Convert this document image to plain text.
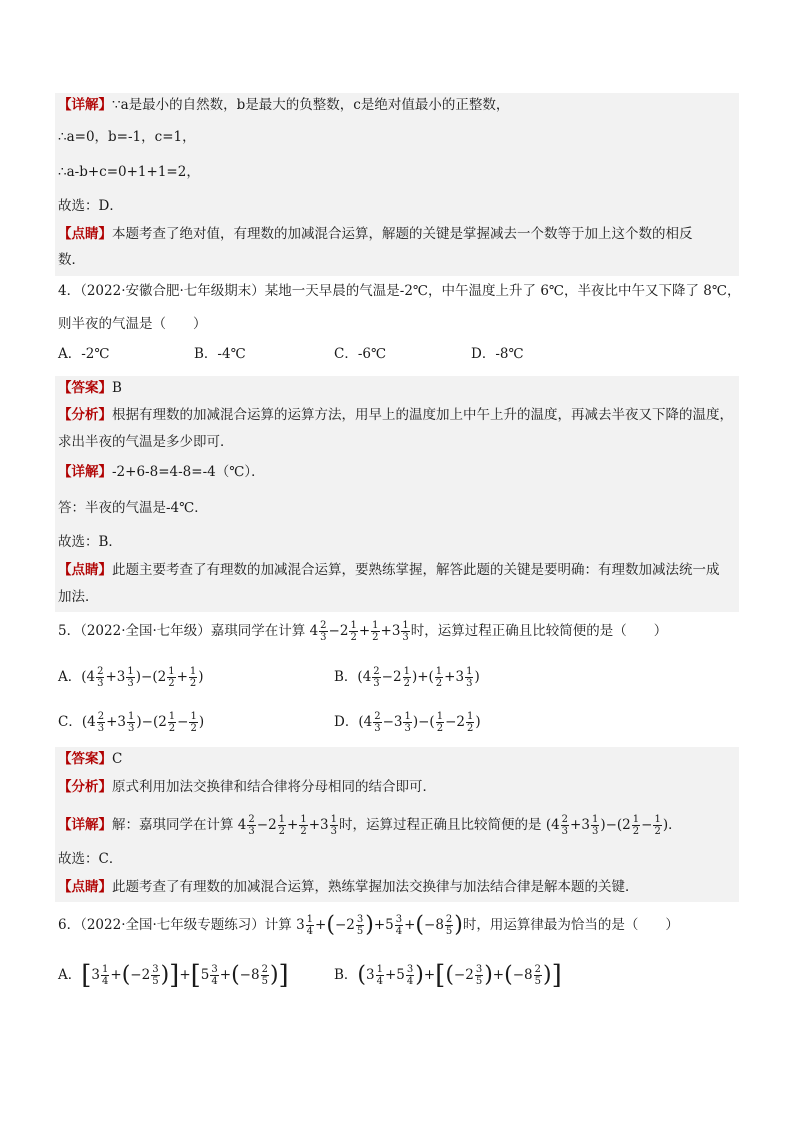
【详解】∵a是最小的自然数，b是最大的负整数，c是绝对值最小的正整数，
∴a=0，b=-1，c=1，
∴a-b+c=0+1+1=2，
故选：D．
【点睛】本题考查了绝对值，有理数的加减混合运算，解题的关键是掌握减去一个数等于加上这个数的相反
数．
4．（2022·安徽合肥·七年级期末）某地一天早晨的气温是-2℃，中午温度上升了 6℃，半夜比中午又下降了 8℃，
则半夜的气温是（　　）
A．-2℃	B．-4℃	C．-6℃	D．-8℃
【答案】B
【分析】根据有理数的加减混合运算的运算方法，用早上的温度加上中午上升的温度，再减去半夜又下降的温度，
求出半夜的气温是多少即可．
【详解】-2+6-8=4-8=-4（℃）．
答：半夜的气温是-4℃．
故选：B．
【点睛】此题主要考查了有理数的加减混合运算，要熟练掌握，解答此题的关键是要明确：有理数加减法统一成
加法．
5．（2022·全国·七年级）嘉琪同学在计算 $4 \frac{2}{3} -2 \frac{1}{2} + \frac{1}{2} +3 \frac{1}{3}$ 时，运算过程正确且比较简便的是（　　）
A．$(4 \frac{2}{3} +3 \frac{1}{3} )-(2 \frac{1}{2} + \frac{1}{2}$ )	B．($4 \frac{2}{3} -2 \frac{1}{2}$ )+( $\frac{1}{2} +3 \frac{1}{3}$ )
C．$(4 \frac{2}{3} +3 \frac{1}{3} )-(2 \frac{1}{2} - \frac{1}{2}$ )	D．($4 \frac{2}{3} -3 \frac{1}{3}$ )−( $\frac{1}{2} -2 \frac{1}{2}$ )
【答案】C
【分析】原式利用加法交换律和结合律将分母相同的结合即可．
【详解】解：嘉琪同学在计算 $4 \frac{2}{3} -2 \frac{1}{2} + \frac{1}{2} +3 \frac{1}{3}$ 时，运算过程正确且比较简便的是 $(4 \frac{2}{3} +3 \frac{1}{3} )-(2 \frac{1}{2} - \frac{1}{2}$ )．
故选：C．
【点睛】此题考查了有理数的加减混合运算，熟练掌握加法交换律与加法结合律是解本题的关键．
6．（2022·全国·七年级专题练习）计算 $3 \frac{1}{4} +(-2 \frac{3}{5} )+5 \frac{3}{4} +(-8 \frac{2}{5}$ )时，用运算律最为恰当的是（　　）
A．$[3 \frac{1}{4} +(-2 \frac{3}{5} )]+[5 \frac{3}{4} +(-8 \frac{2}{5}$ )]	B．$(3 \frac{1}{4} +5 \frac{3}{4} )+[(-2 \frac{3}{5} )+(-8 \frac{2}{5}$ )]
